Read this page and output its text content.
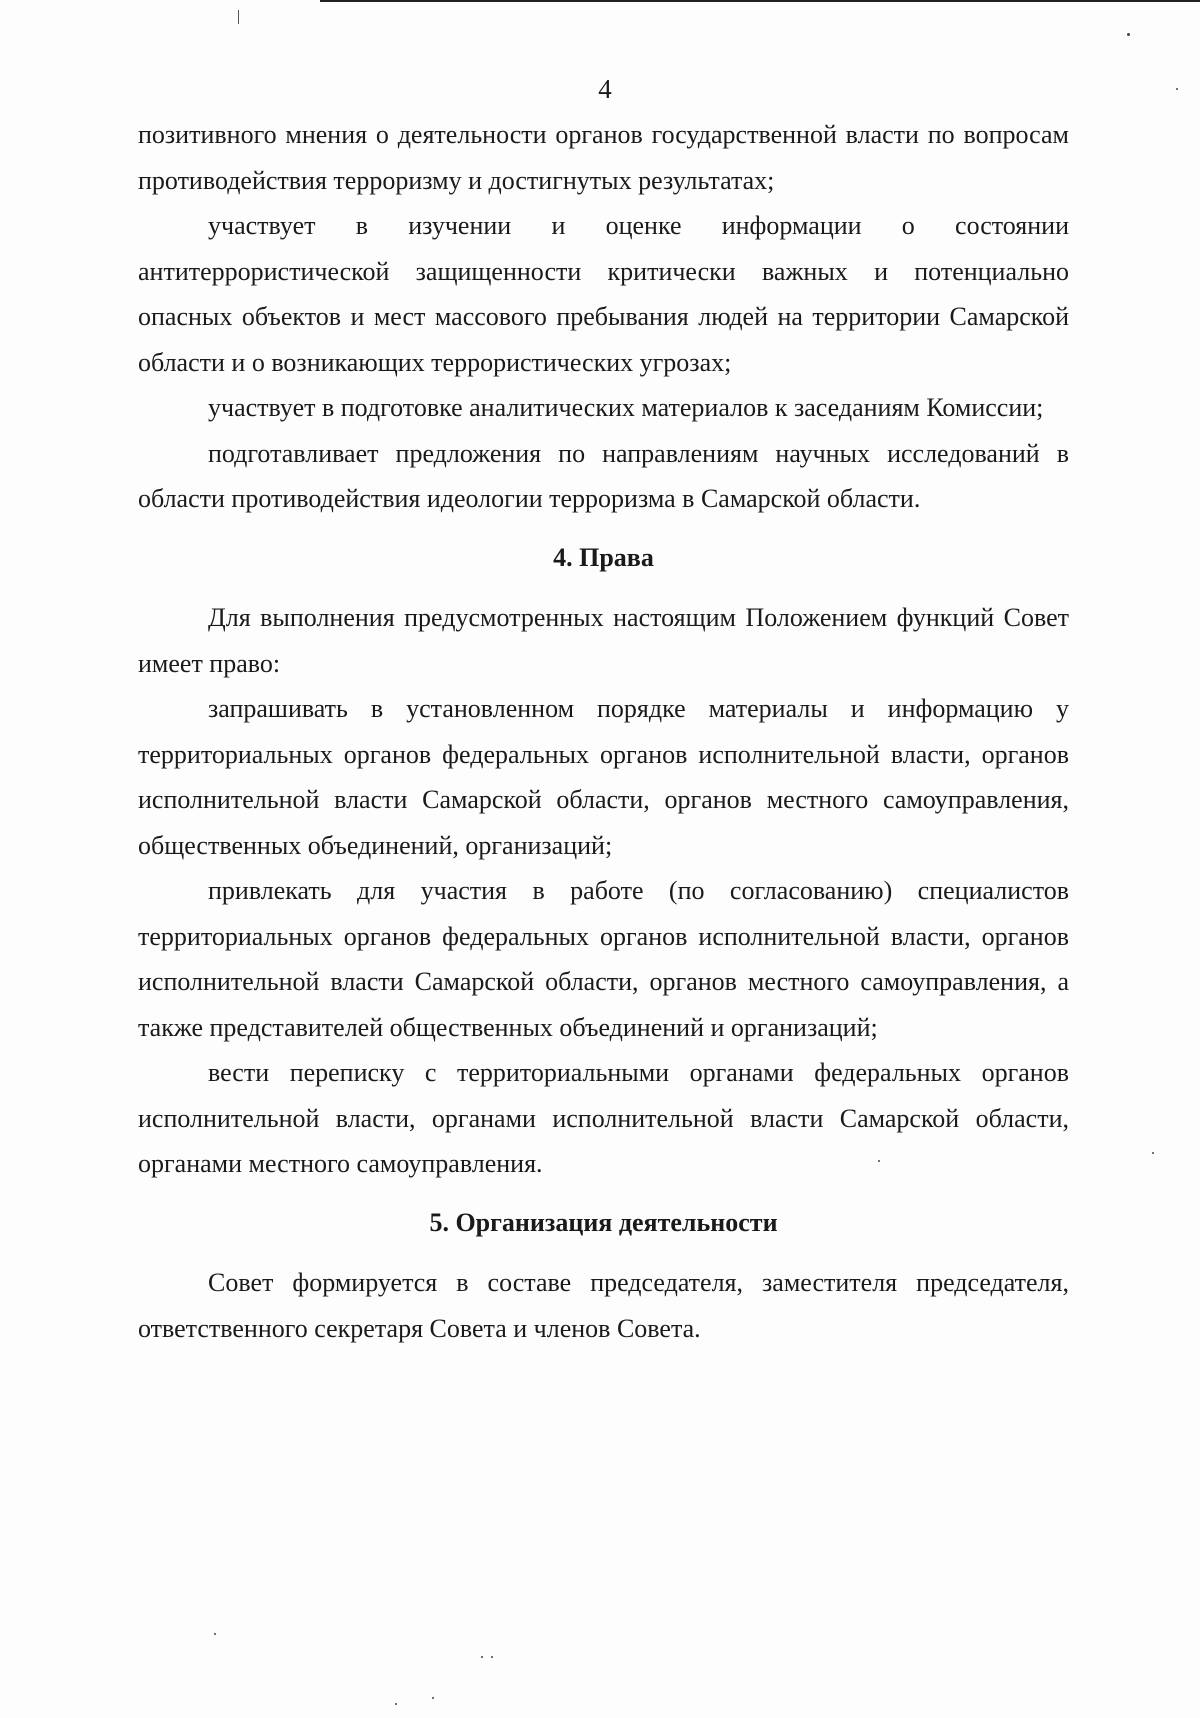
4

позитивного мнения о деятельности органов государственной власти по вопросам противодействия терроризму и достигнутых результатах;

участвует в изучении и оценке информации о состоянии антитеррористической защищенности критически важных и потенциально опасных объектов и мест массового пребывания людей на территории Самарской области и о возникающих террористических угрозах;

участвует в подготовке аналитических материалов к заседаниям Комиссии;

подготавливает предложения по направлениям научных исследований в области противодействия идеологии терроризма в Самарской области.

4. Права

Для выполнения предусмотренных настоящим Положением функций Совет имеет право:

запрашивать в установленном порядке материалы и информацию у территориальных органов федеральных органов исполнительной власти, органов исполнительной власти Самарской области, органов местного самоуправления, общественных объединений, организаций;

привлекать для участия в работе (по согласованию) специалистов территориальных органов федеральных органов исполнительной власти, органов исполнительной власти Самарской области, органов местного самоуправления, а также представителей общественных объединений и организаций;

вести переписку с территориальными органами федеральных органов исполнительной власти, органами исполнительной власти Самарской области, органами местного самоуправления.

5. Организация деятельности

Совет формируется в составе председателя, заместителя председателя, ответственного секретаря Совета и членов Совета.
